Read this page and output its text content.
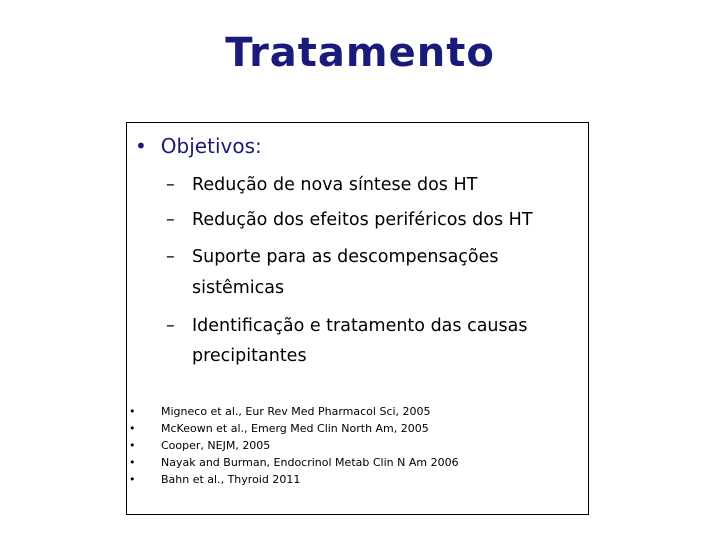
Tratamento
• Objetivos:
– Redução de nova síntese dos HT
– Redução dos efeitos periféricos dos HT
– Suporte para as descompensações
sistêmicas
– Identificação e tratamento das causas
precipitantes
• Migneco et al., Eur Rev Med Pharmacol Sci, 2005
• McKeown et al., Emerg Med Clin North Am, 2005
• Cooper, NEJM, 2005
• Nayak and Burman, Endocrinol Metab Clin N Am 2006
• Bahn et al., Thyroid 2011
